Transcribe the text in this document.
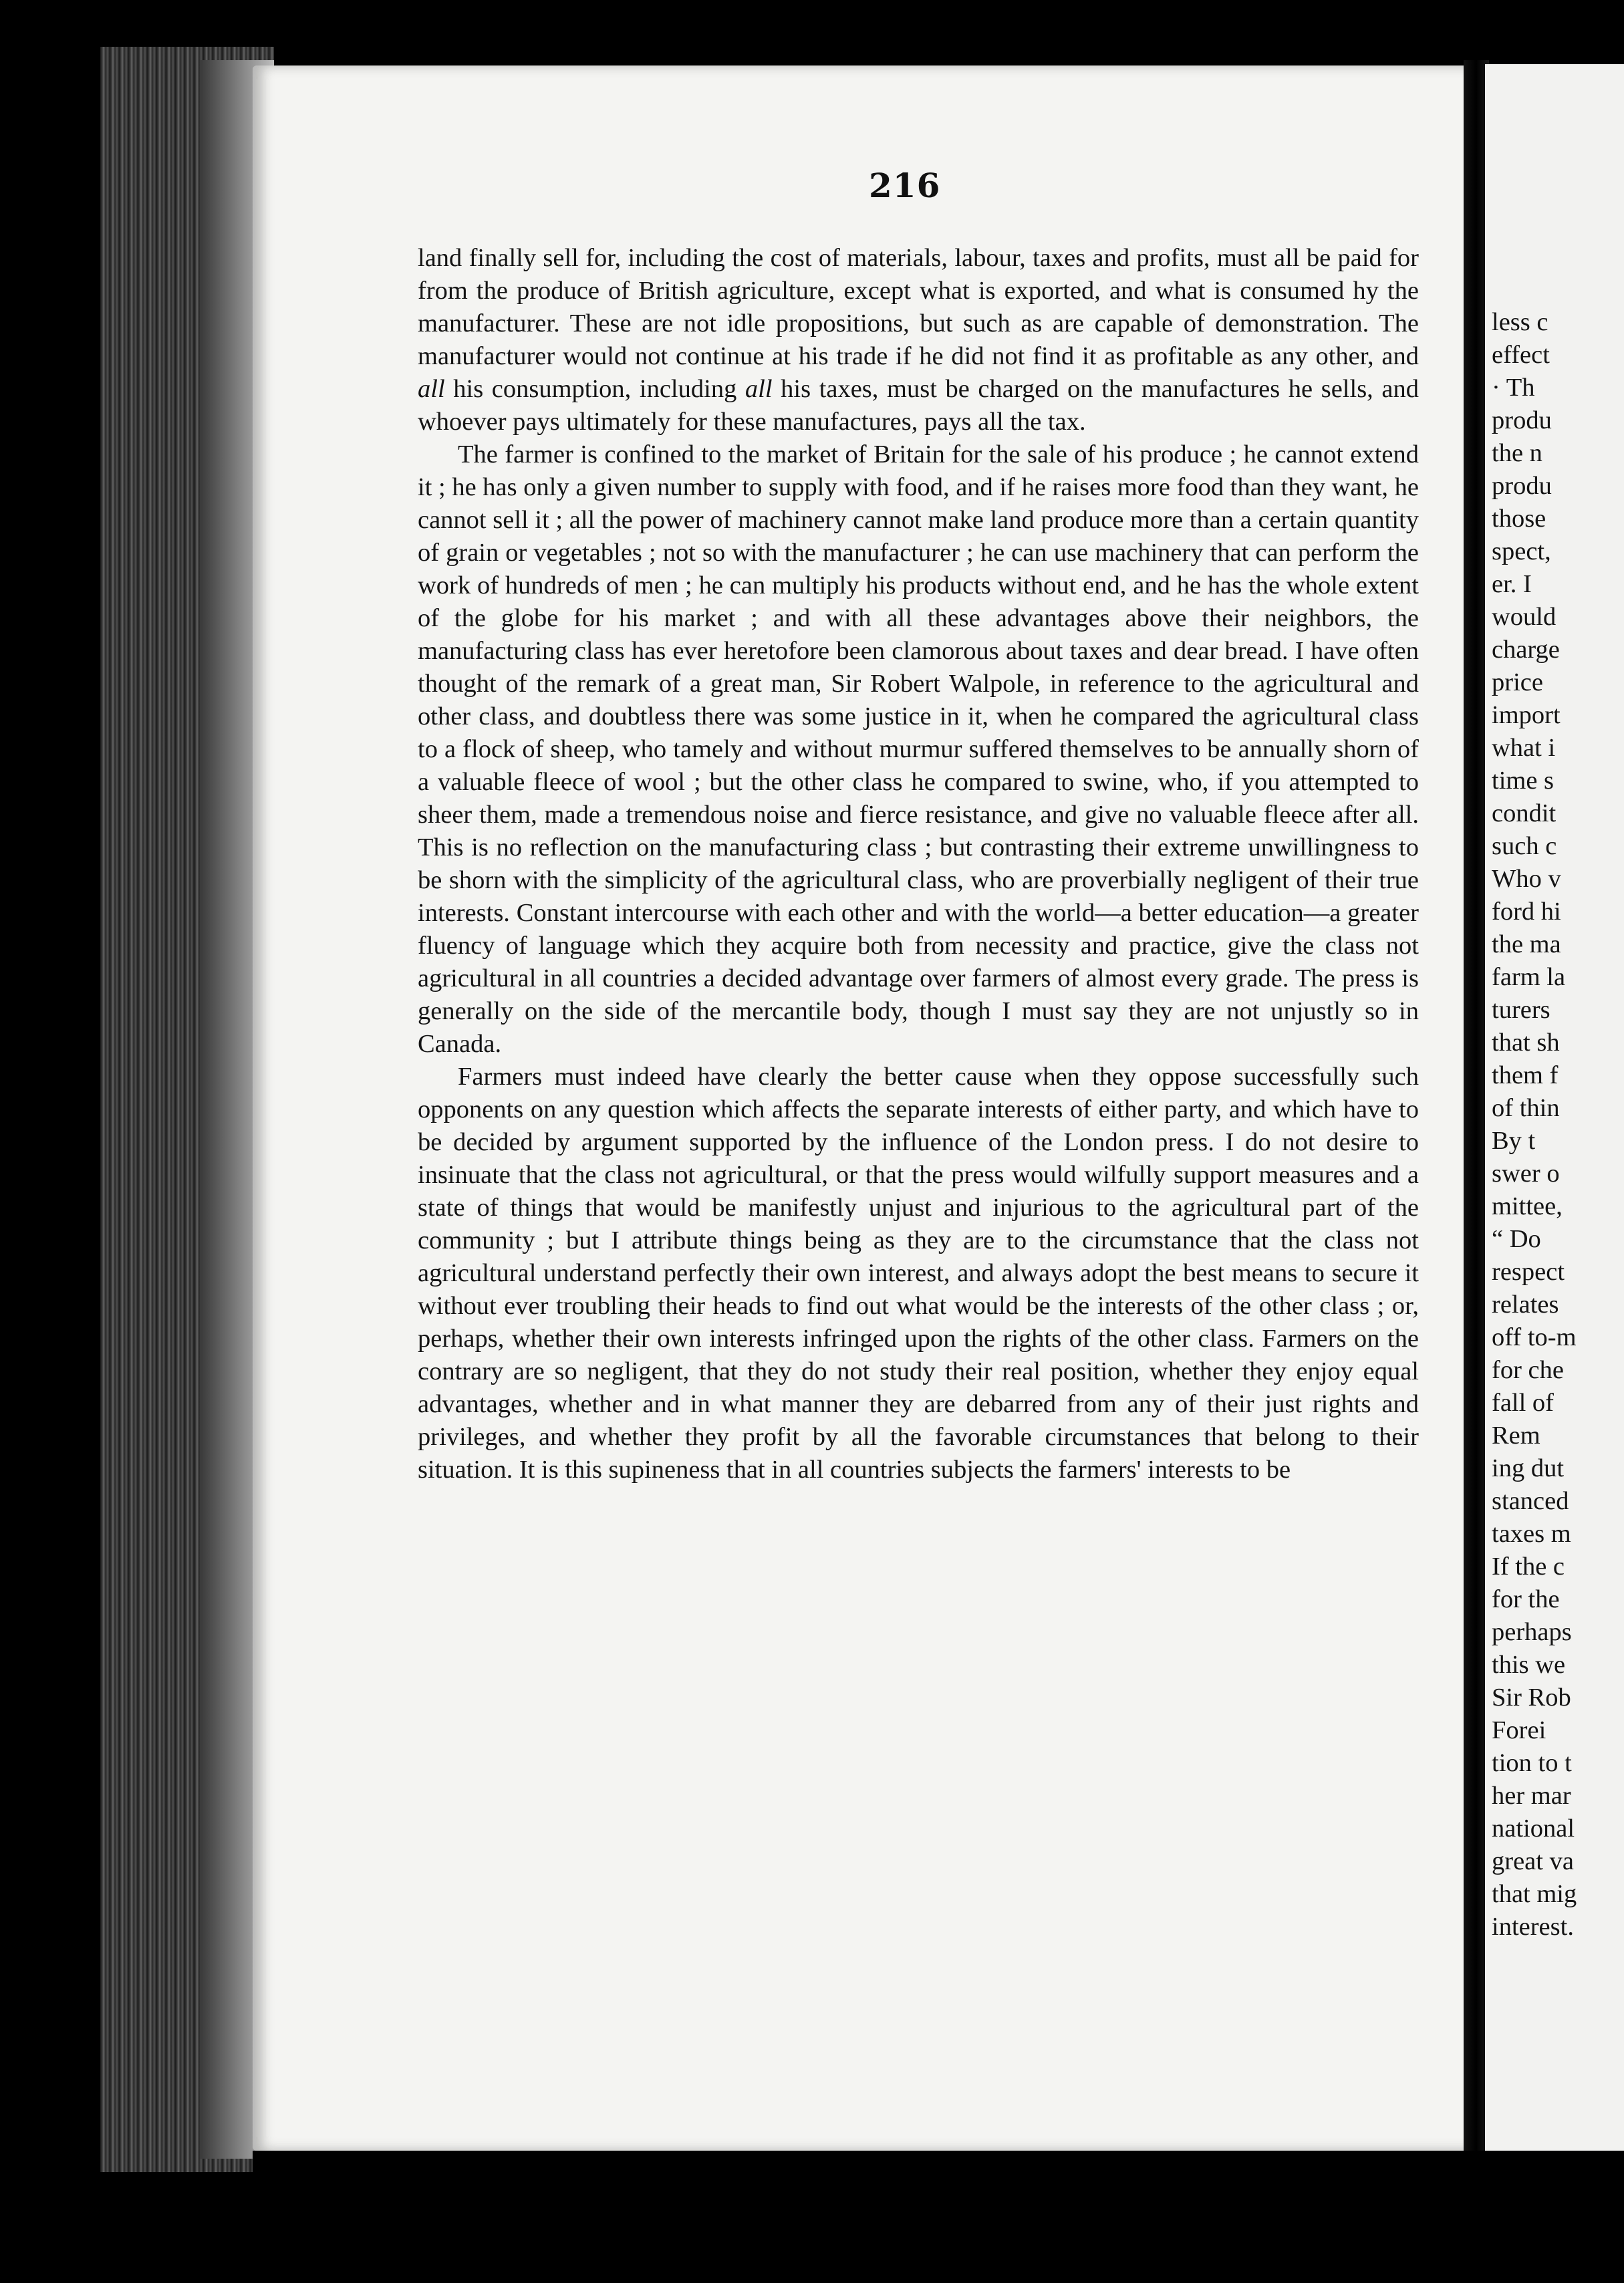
216

land finally sell for, including the cost of materials, labour, taxes and profits, must all be paid for from the produce of British agriculture, except what is exported, and what is consumed hy the manufacturer. These are not idle propositions, but such as are capable of demonstration. The manufacturer would not continue at his trade if he did not find it as profitable as any other, and all his consumption, including all his taxes, must be charged on the manufactures he sells, and whoever pays ultimately for these manufactures, pays all the tax.

The farmer is confined to the market of Britain for the sale of his produce ; he cannot extend it ; he has only a given number to supply with food, and if he raises more food than they want, he cannot sell it ; all the power of machinery cannot make land produce more than a certain quantity of grain or vegetables ; not so with the manufacturer ; he can use machinery that can perform the work of hundreds of men ; he can multiply his products without end, and he has the whole extent of the globe for his market ; and with all these advantages above their neighbors, the manufacturing class has ever heretofore been clamorous about taxes and dear bread. I have often thought of the remark of a great man, Sir Robert Walpole, in reference to the agricultural and other class, and doubtless there was some justice in it, when he compared the agricultural class to a flock of sheep, who tamely and without murmur suffered themselves to be annually shorn of a valuable fleece of wool ; but the other class he compared to swine, who, if you attempted to sheer them, made a tremendous noise and fierce resistance, and give no valuable fleece after all. This is no reflection on the manufacturing class ; but contrasting their extreme unwillingness to be shorn with the simplicity of the agricultural class, who are proverbially negligent of their true interests. Constant intercourse with each other and with the world—a better education—a greater fluency of language which they acquire both from necessity and practice, give the class not agricultural in all countries a decided advantage over farmers of almost every grade. The press is generally on the side of the mercantile body, though I must say they are not unjustly so in Canada.

Farmers must indeed have clearly the better cause when they oppose successfully such opponents on any question which affects the separate interests of either party, and which have to be decided by argument supported by the influence of the London press. I do not desire to insinuate that the class not agricultural, or that the press would wilfully support measures and a state of things that would be manifestly unjust and injurious to the agricultural part of the community ; but I attribute things being as they are to the circumstance that the class not agricultural understand perfectly their own interest, and always adopt the best means to secure it without ever troubling their heads to find out what would be the interests of the other class ; or, perhaps, whether their own interests infringed upon the rights of the other class. Farmers on the contrary are so negligent, that they do not study their real position, whether they enjoy equal advantages, whether and in what manner they are debarred from any of their just rights and privileges, and whether they profit by all the favorable circumstances that belong to their situation. It is this supineness that in all countries subjects the farmers' interests to be

less c
effect
· Th
produ
the n
produ
those
spect,
er. I
would
charge
price
import
what i
time s
condit
such c
Who v
ford hi
the ma
farm la
turers
that sh
them f
of thin
By t
swer o
mittee,
“ Do
respect
relates
off to-m
for che
fall of
Rem
ing dut
stanced
taxes m
If the c
for the
perhaps
this we
Sir Rob
Forei
tion to t
her mar
national
great va
that mig
interest.
